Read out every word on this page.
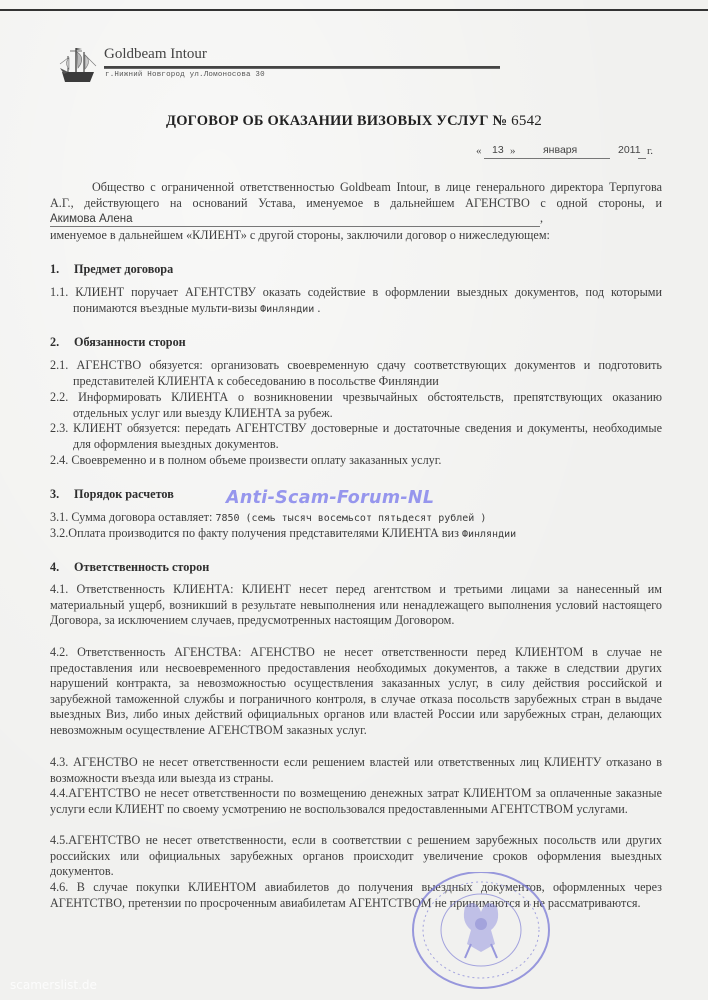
Goldbeam Intour
г.Нижний Новгород ул.Ломоносова 30
ДОГОВОР ОБ ОКАЗАНИИ ВИЗОВЫХ УСЛУГ № 6542
« 13 »	января	2011 г.
Общество с ограниченной ответственностью Goldbeam Intour, в лице генерального директора Терпугова А.Г., действующего на оснований Устава, именуемое в дальнейшем АГЕНСТВО с одной стороны, и Акимова Алена	,
именуемое в дальнейшем «КЛИЕНТ» с другой стороны, заключили договор о нижеследующем:
1. Предмет договора
1.1. КЛИЕНТ поручает АГЕНТСТВУ оказать содействие в оформлении выездных документов, под которыми понимаются въездные мульти-визы Финляндии .
2. Обязанности сторон
2.1. АГЕНСТВО обязуется: организовать своевременную сдачу соответствующих документов и подготовить представителей КЛИЕНТА к собеседованию в посольстве Финляндии
2.2. Информировать КЛИЕНТА о возникновении чрезвычайных обстоятельств, препятствующих оказанию отдельных услуг или выезду КЛИЕНТА за рубеж.
2.3. КЛИЕНТ обязуется: передать АГЕНТСТВУ достоверные и достаточные сведения и документы, необходимые для оформления выездных документов.
2.4. Своевременно и в полном объеме произвести оплату заказанных услуг.
3. Порядок расчетов
3.1. Сумма договора оставляет: 7850 (семь тысяч восемьсот пятьдесят рублей )
3.2.Оплата производится по факту получения представителями КЛИЕНТА виз Финляндии
4. Ответственность сторон
4.1. Ответственность КЛИЕНТА: КЛИЕНТ несет перед агентством и третьими лицами за нанесенный им материальный ущерб, возникший в результате невыполнения или ненадлежащего выполнения условий настоящего Договора, за исключением случаев, предусмотренных настоящим Договором.
4.2. Ответственность АГЕНСТВА: АГЕНСТВО не несет ответственности перед КЛИЕНТОМ в случае не предоставления или несвоевременного предоставления необходимых документов, а также в следствии других нарушений контракта, за невозможностью осуществления заказанных услуг, в силу действия российской и зарубежной таможенной службы и пограничного контроля, в случае отказа посольств зарубежных стран в выдаче выездных Виз, либо иных действий официальных органов или властей России или зарубежных стран, делающих невозможным осуществление АГЕНСТВОМ заказных услуг.
4.3. АГЕНСТВО не несет ответственности если решением властей или ответственных лиц КЛИЕНТУ отказано в возможности въезда или выезда из страны.
4.4.АГЕНТСТВО не несет ответственности по возмещению денежных затрат КЛИЕНТОМ за оплаченные заказные услуги если КЛИЕНТ по своему усмотрению не воспользовался предоставленными АГЕНТСТВОМ услугами.
4.5.АГЕНТСТВО не несет ответственности, если в соответствии с решением зарубежных посольств или других российских или официальных зарубежных органов происходит увеличение сроков оформления выездных документов.
4.6. В случае покупки КЛИЕНТОМ авиабилетов до получения выездных документов, оформленных через АГЕНТСТВО, претензии по просроченным авиабилетам АГЕНТСТВОМ не принимаются и не рассматриваются.
Anti-Scam-Forum-NL
scamerslist.de
